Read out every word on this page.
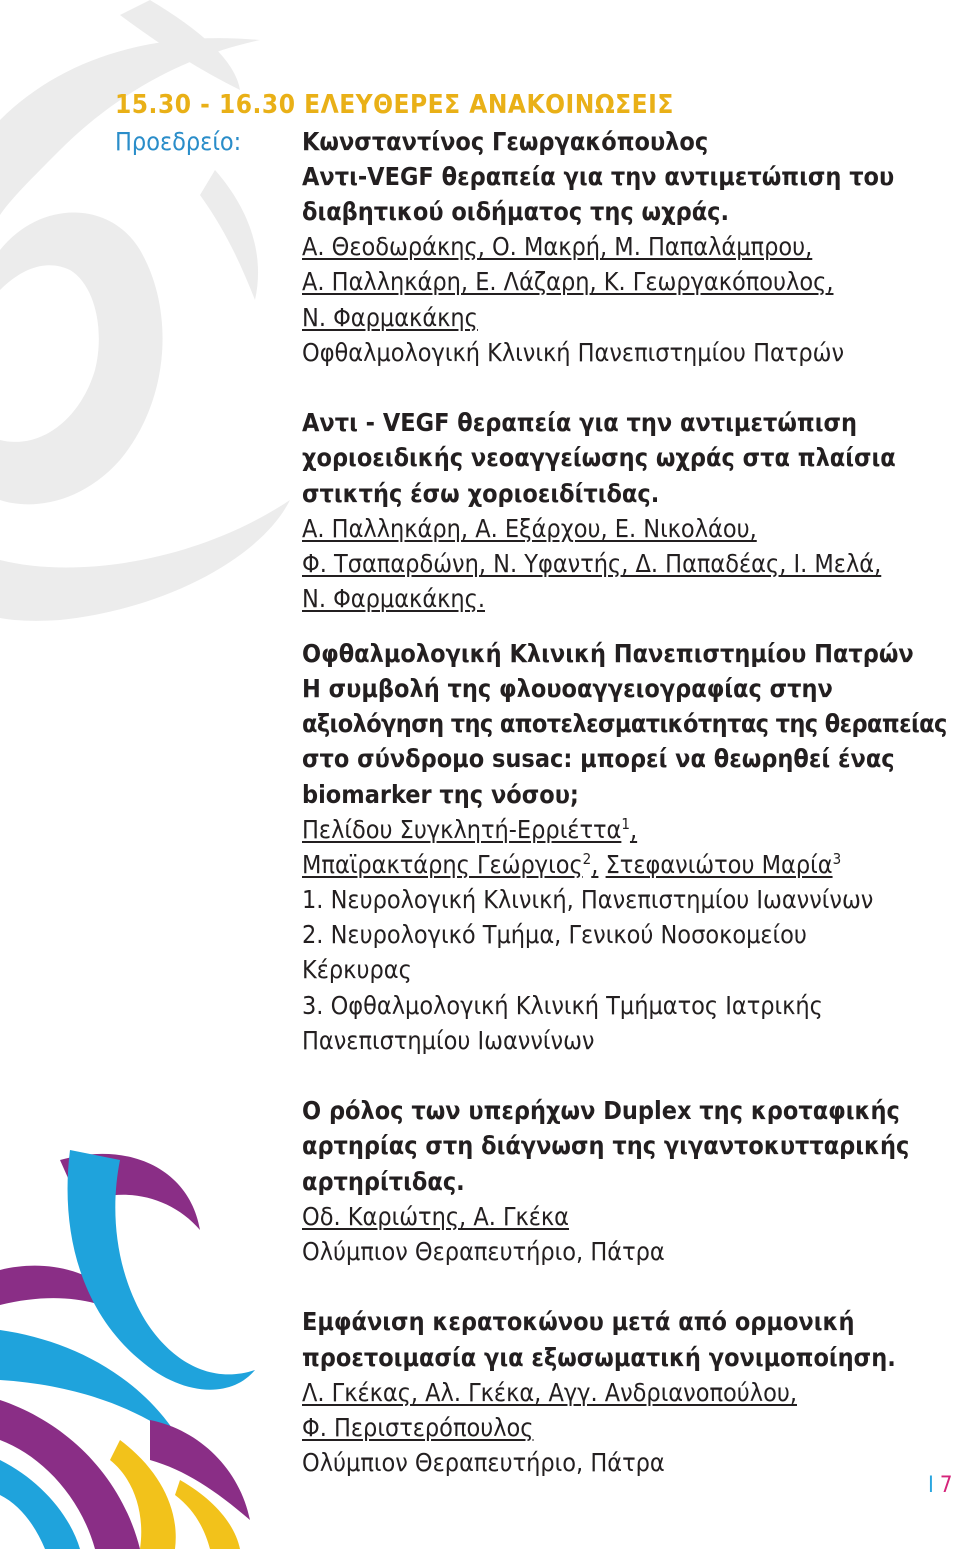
15.30 - 16.30 ΕΛΕΥΘΕΡΕΣ ΑΝΑΚΟΙΝΩΣΕΙΣ
Προεδρείο: Κωνσταντίνος Γεωργακόπουλος
Αντι-VEGF θεραπεία για την αντιμετώπιση του
διαβητικού οιδήματος της ωχράς.
Α. Θεοδωράκης, Ο. Μακρή, Μ. Παπαλάμπρου,
Α. Παλληκάρη, Ε. Λάζαρη, Κ. Γεωργακόπουλος,
Ν. Φαρμακάκης
Οφθαλμολογική Κλινική Πανεπιστημίου Πατρών
Αντι - VEGF θεραπεία για την αντιμετώπιση
χοριοειδικής νεοαγγείωσης ωχράς στα πλαίσια
στικτής έσω χοριοειδίτιδας.
Α. Παλληκάρη, Α. Εξάρχου, Ε. Νικολάου,
Φ. Τσαπαρδώνη, Ν. Υφαντής, Δ. Παπαδέας, Ι. Μελά,
Ν. Φαρμακάκης.
Οφθαλμολογική Κλινική Πανεπιστημίου Πατρών
Η συμβολή της φλουοαγγειογραφίας στην
αξιολόγηση της αποτελεσματικότητας της θεραπείας
στο σύνδρομο susac: μπορεί να θεωρηθεί ένας
biomarker της νόσου;
Πελίδου Συγκλητή-Ερριέττα$^1$,
Μπαϊρακτάρης Γεώργιος$^2$, Στεφανιώτου Μαρία$^3$
1. Νευρολογική Κλινική, Πανεπιστημίου Ιωαννίνων
2. Νευρολογικό Τμήμα, Γενικού Νοσοκομείου
Κέρκυρας
3. Οφθαλμολογική Κλινική Τμήματος Ιατρικής
Πανεπιστημίου Ιωαννίνων
Ο ρόλος των υπερήχων Duplex της κροταφικής
αρτηρίας στη διάγνωση της γιγαντοκυτταρικής
αρτηρίτιδας.
Οδ. Καριώτης, Α. Γκέκα
Ολύμπιον Θεραπευτήριο, Πάτρα
Εμφάνιση κερατοκώνου μετά από ορμονική
προετοιμασία για εξωσωματική γονιμοποίηση.
Λ. Γκέκας, Αλ. Γκέκα, Αγγ. Ανδριανοπούλου,
Φ. Περιστερόπουλος
Ολύμπιον Θεραπευτήριο, Πάτρα
I 7
